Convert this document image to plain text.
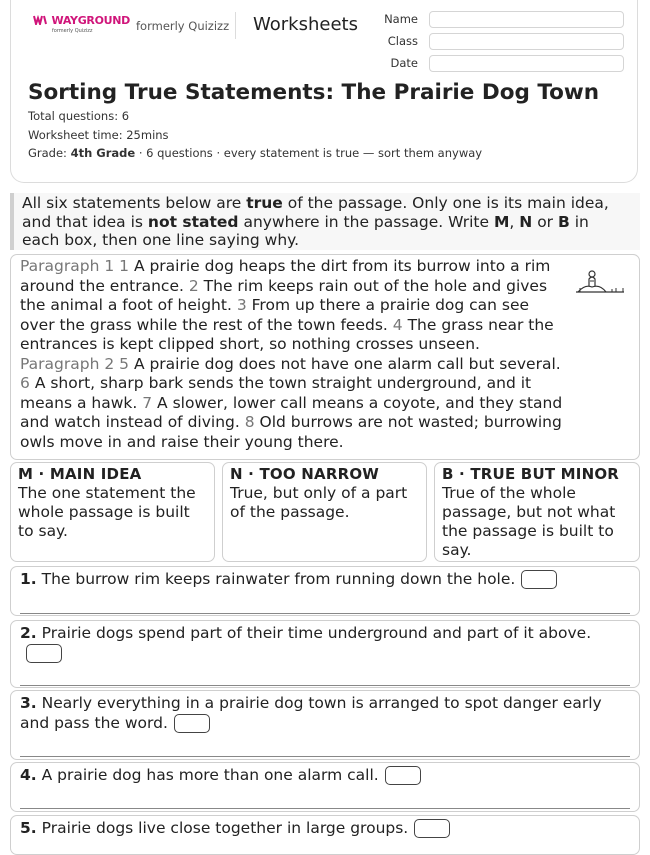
WAYGROUND
formerly Quizizz	formerly Quizizz Worksheets	Name
Class
Date
Sorting True Statements: The Prairie Dog Town
Total questions: 6
Worksheet time: 25mins
Grade: 4th Grade · 6 questions · every statement is true — sort them anyway
All six statements below are true of the passage. Only one is its main idea, and that idea is not stated anywhere in the passage. Write M, N or B in each box, then one line saying why.
Paragraph 1 1 A prairie dog heaps the dirt from its burrow into a rim around the entrance. 2 The rim keeps rain out of the hole and gives the animal a foot of height. 3 From up there a prairie dog can see over the grass while the rest of the town feeds. 4 The grass near the entrances is kept clipped short, so nothing crosses unseen.
Paragraph 2 5 A prairie dog does not have one alarm call but several. 6 A short, sharp bark sends the town straight underground, and it means a hawk. 7 A slower, lower call means a coyote, and they stand and watch instead of diving. 8 Old burrows are not wasted; burrowing owls move in and raise their young there.
M · MAIN IDEA
The one statement the whole passage is built to say.
N · TOO NARROW
True, but only of a part of the passage.
B · TRUE BUT MINOR
True of the whole passage, but not what the passage is built to say.
1. The burrow rim keeps rainwater from running down the hole.
2. Prairie dogs spend part of their time underground and part of it above.

3. Nearly everything in a prairie dog town is arranged to spot danger early and pass the word.
4. A prairie dog has more than one alarm call.
5. Prairie dogs live close together in large groups.
